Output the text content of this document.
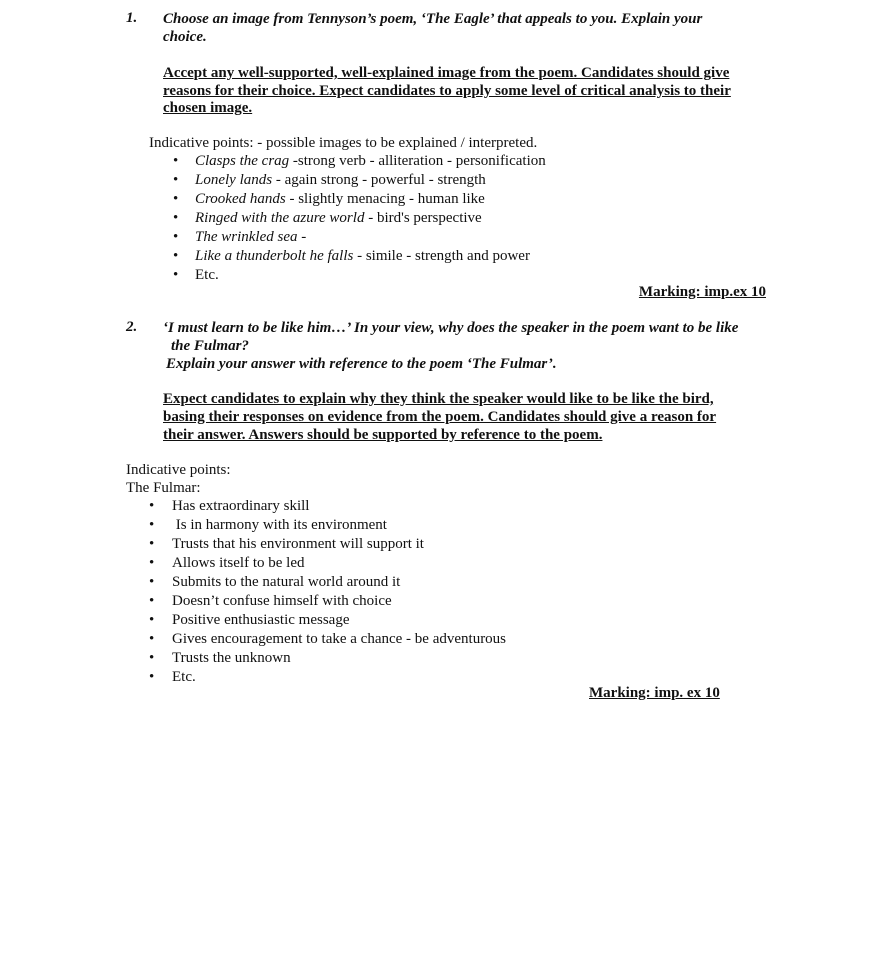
1. Choose an image from Tennyson’s poem, ‘The Eagle’ that appeals to you. Explain your
choice.
Accept any well-supported, well-explained image from the poem. Candidates should give
reasons for their choice. Expect candidates to apply some level of critical analysis to their
chosen image.
Indicative points: - possible images to be explained / interpreted.
• Clasps the crag -strong verb - alliteration - personification
• Lonely lands - again strong - powerful - strength
• Crooked hands - slightly menacing - human like
• Ringed with the azure world - bird's perspective
• The wrinkled sea -
• Like a thunderbolt he falls - simile - strength and power
• Etc.
Marking: imp.ex 10
2. ‘I must learn to be like him…’ In your view, why does the speaker in the poem want to be like
the Fulmar?
Explain your answer with reference to the poem ‘The Fulmar’.
Expect candidates to explain why they think the speaker would like to be like the bird,
basing their responses on evidence from the poem. Candidates should give a reason for
their answer. Answers should be supported by reference to the poem.
Indicative points:
The Fulmar:
• Has extraordinary skill
• Is in harmony with its environment
• Trusts that his environment will support it
• Allows itself to be led
• Submits to the natural world around it
• Doesn’t confuse himself with choice
• Positive enthusiastic message
• Gives encouragement to take a chance - be adventurous
• Trusts the unknown
• Etc.
Marking: imp. ex 10
